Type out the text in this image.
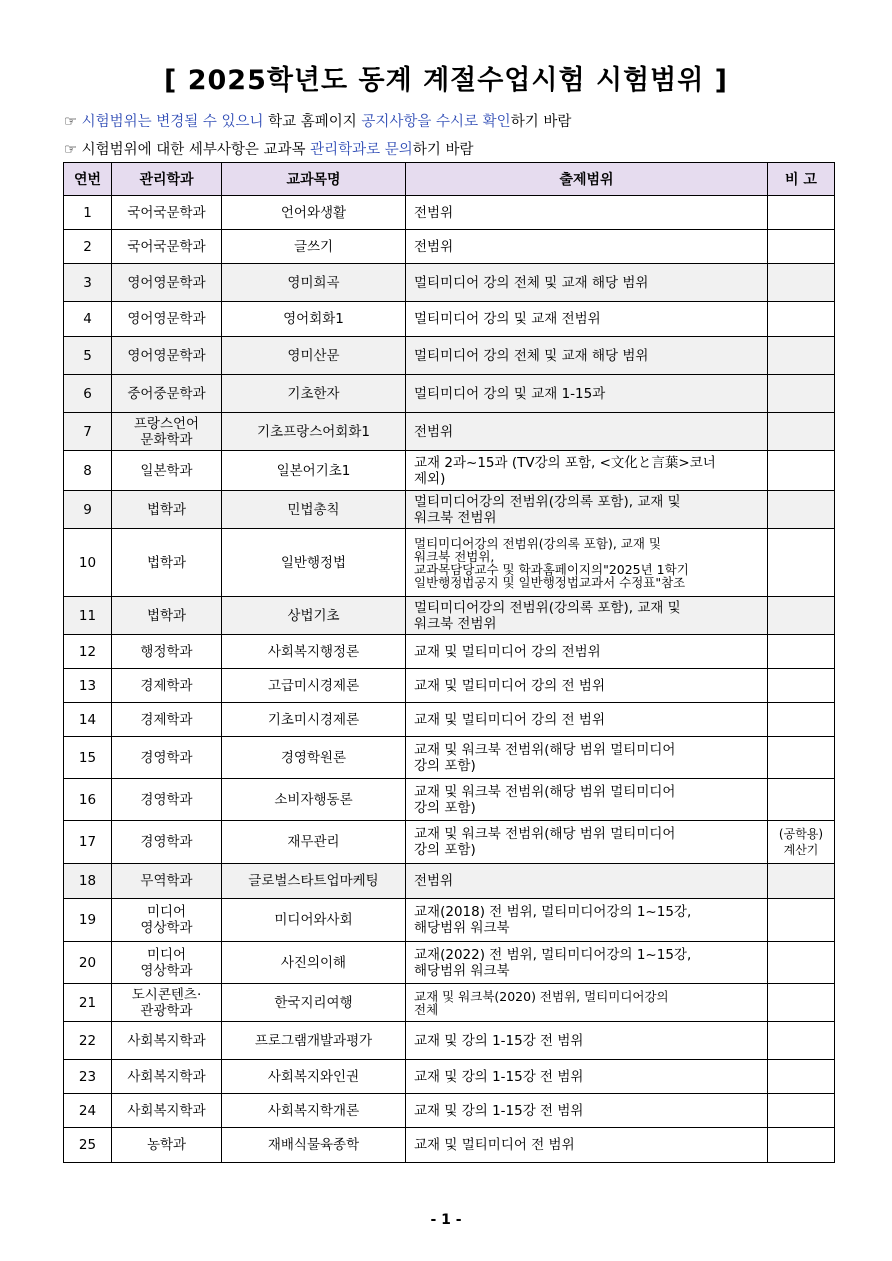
[ 2025학년도 동계 계절수업시험 시험범위 ]
☞ 시험범위는 변경될 수 있으니 학교 홈페이지 공지사항을 수시로 확인하기 바람
☞ 시험범위에 대한 세부사항은 교과목 관리학과로 문의하기 바람
연번	관리학과	교과목명	출제범위	비 고
1	국어국문학과	언어와생활	전범위	
2	국어국문학과	글쓰기	전범위	
3	영어영문학과	영미희곡	멀티미디어 강의 전체 및 교재 해당 범위	
4	영어영문학과	영어회화1	멀티미디어 강의 및 교재 전범위	
5	영어영문학과	영미산문	멀티미디어 강의 전체 및 교재 해당 범위	
6	중어중문학과	기초한자	멀티미디어 강의 및 교재 1-15과	
7	프랑스언어
문화학과	기초프랑스어회화1	전범위	
8	일본학과	일본어기초1	교재 2과~15과 (TV강의 포함, <文化と言葉>코너
제외)	
9	법학과	민법총칙	멀티미디어강의 전범위(강의록 포함), 교재 및
워크북 전범위	
10	법학과	일반행정법	멀티미디어강의 전범위(강의록 포함), 교재 및
워크북 전범위,
교과목담당교수 및 학과홈페이지의"2025년 1학기
일반행정법공지 및 일반행정법교과서 수정표"참조	
11	법학과	상법기초	멀티미디어강의 전범위(강의록 포함), 교재 및
워크북 전범위	
12	행정학과	사회복지행정론	교재 및 멀티미디어 강의 전범위	
13	경제학과	고급미시경제론	교재 및 멀티미디어 강의 전 범위	
14	경제학과	기초미시경제론	교재 및 멀티미디어 강의 전 범위	
15	경영학과	경영학원론	교재 및 워크북 전범위(해당 범위 멀티미디어
강의 포함)	
16	경영학과	소비자행동론	교재 및 워크북 전범위(해당 범위 멀티미디어
강의 포함)	
17	경영학과	재무관리	교재 및 워크북 전범위(해당 범위 멀티미디어
강의 포함)	(공학용)
계산기
18	무역학과	글로벌스타트업마케팅	전범위	
19	미디어
영상학과	미디어와사회	교재(2018) 전 범위, 멀티미디어강의 1~15강,
해당범위 워크북	
20	미디어
영상학과	사진의이해	교재(2022) 전 범위, 멀티미디어강의 1~15강,
해당범위 워크북	
21	도시콘텐츠·
관광학과	한국지리여행	교재 및 워크북(2020) 전범위, 멀티미디어강의
전체	
22	사회복지학과	프로그램개발과평가	교재 및 강의 1-15강 전 범위	
23	사회복지학과	사회복지와인권	교재 및 강의 1-15강 전 범위	
24	사회복지학과	사회복지학개론	교재 및 강의 1-15강 전 범위	
25	농학과	재배식물육종학	교재 및 멀티미디어 전 범위	
- 1 -
